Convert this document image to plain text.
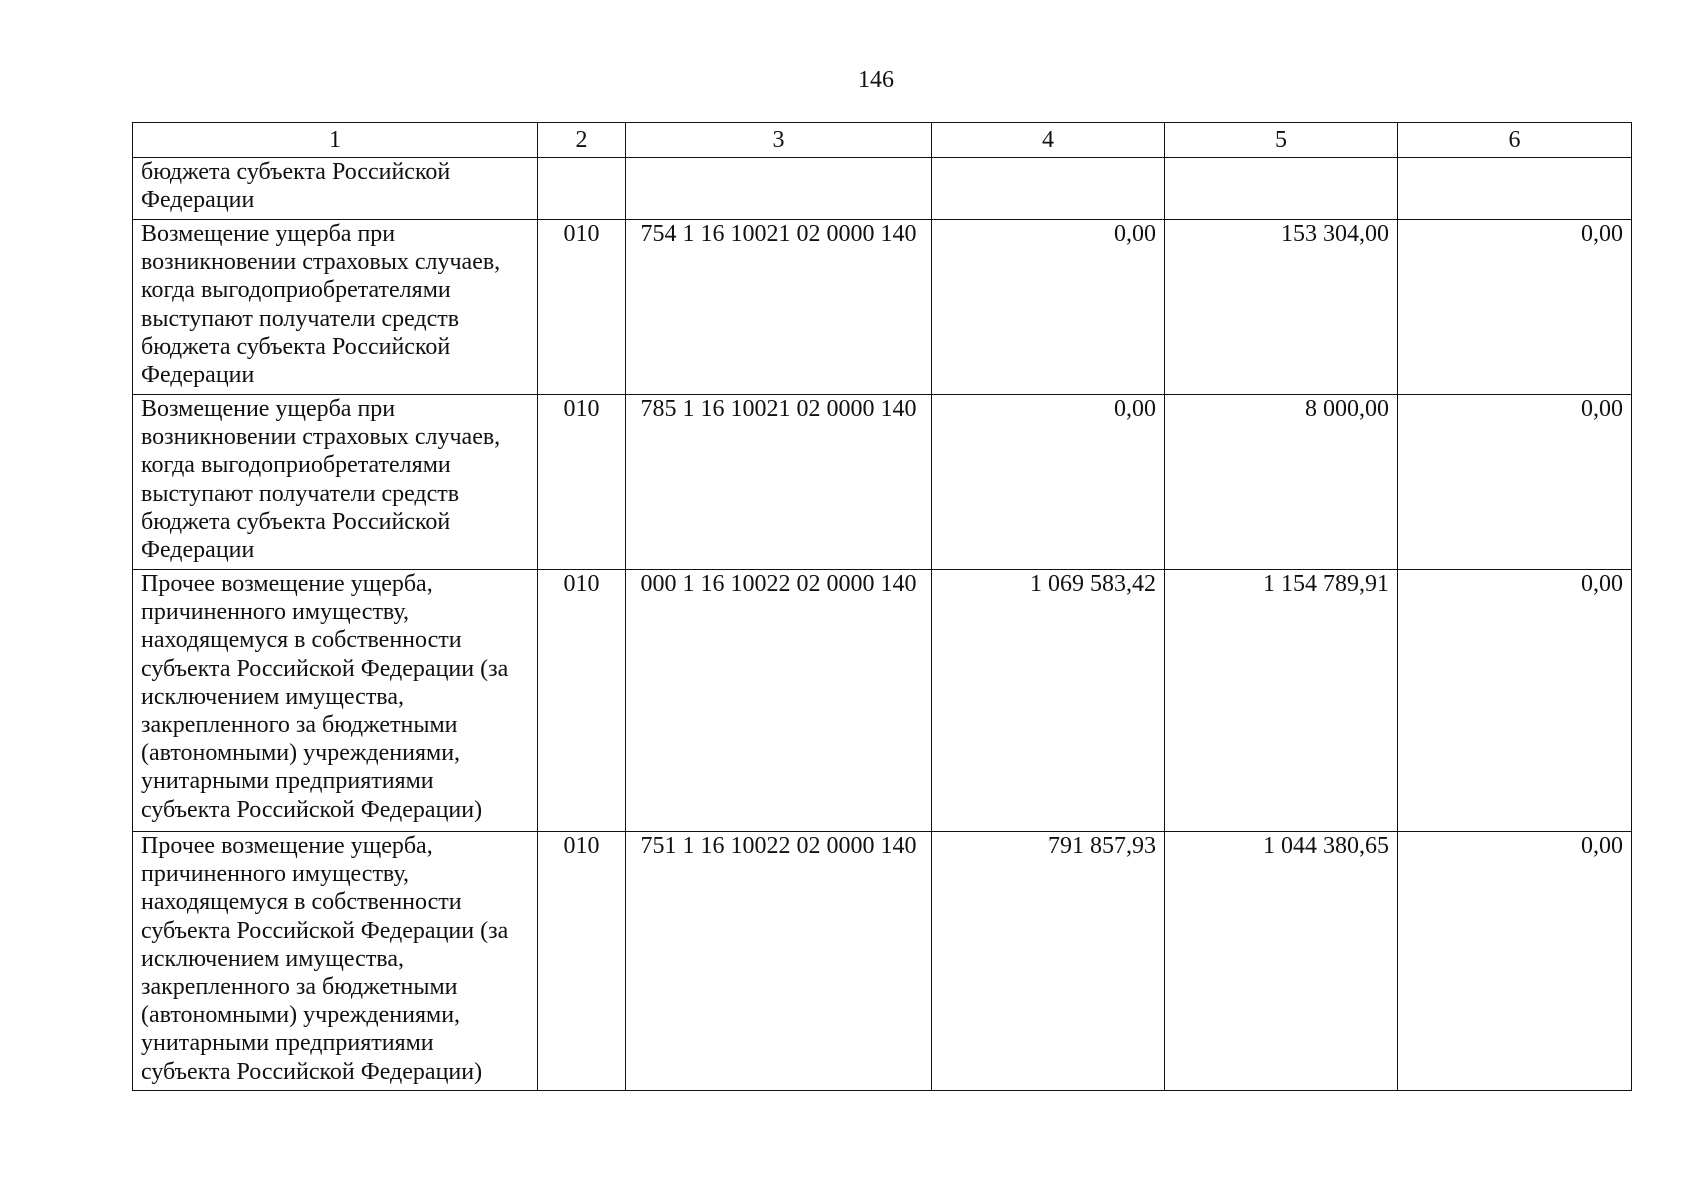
146
1	2	3	4	5	6
бюджета субъекта Российской Федерации					
Возмещение ущерба при возникновении страховых случаев, когда выгодоприобретателями выступают получатели средств бюджета субъекта Российской Федерации	010	754 1 16 10021 02 0000 140	0,00	153 304,00	0,00
Возмещение ущерба при возникновении страховых случаев, когда выгодоприобретателями выступают получатели средств бюджета субъекта Российской Федерации	010	785 1 16 10021 02 0000 140	0,00	8 000,00	0,00
Прочее возмещение ущерба, причиненного имуществу, находящемуся в собственности субъекта Российской Федерации (за исключением имущества, закрепленного за бюджетными (автономными) учреждениями, унитарными предприятиями субъекта Российской Федерации)	010	000 1 16 10022 02 0000 140	1 069 583,42	1 154 789,91	0,00
Прочее возмещение ущерба, причиненного имуществу, находящемуся в собственности субъекта Российской Федерации (за исключением имущества, закрепленного за бюджетными (автономными) учреждениями, унитарными предприятиями субъекта Российской Федерации)	010	751 1 16 10022 02 0000 140	791 857,93	1 044 380,65	0,00
